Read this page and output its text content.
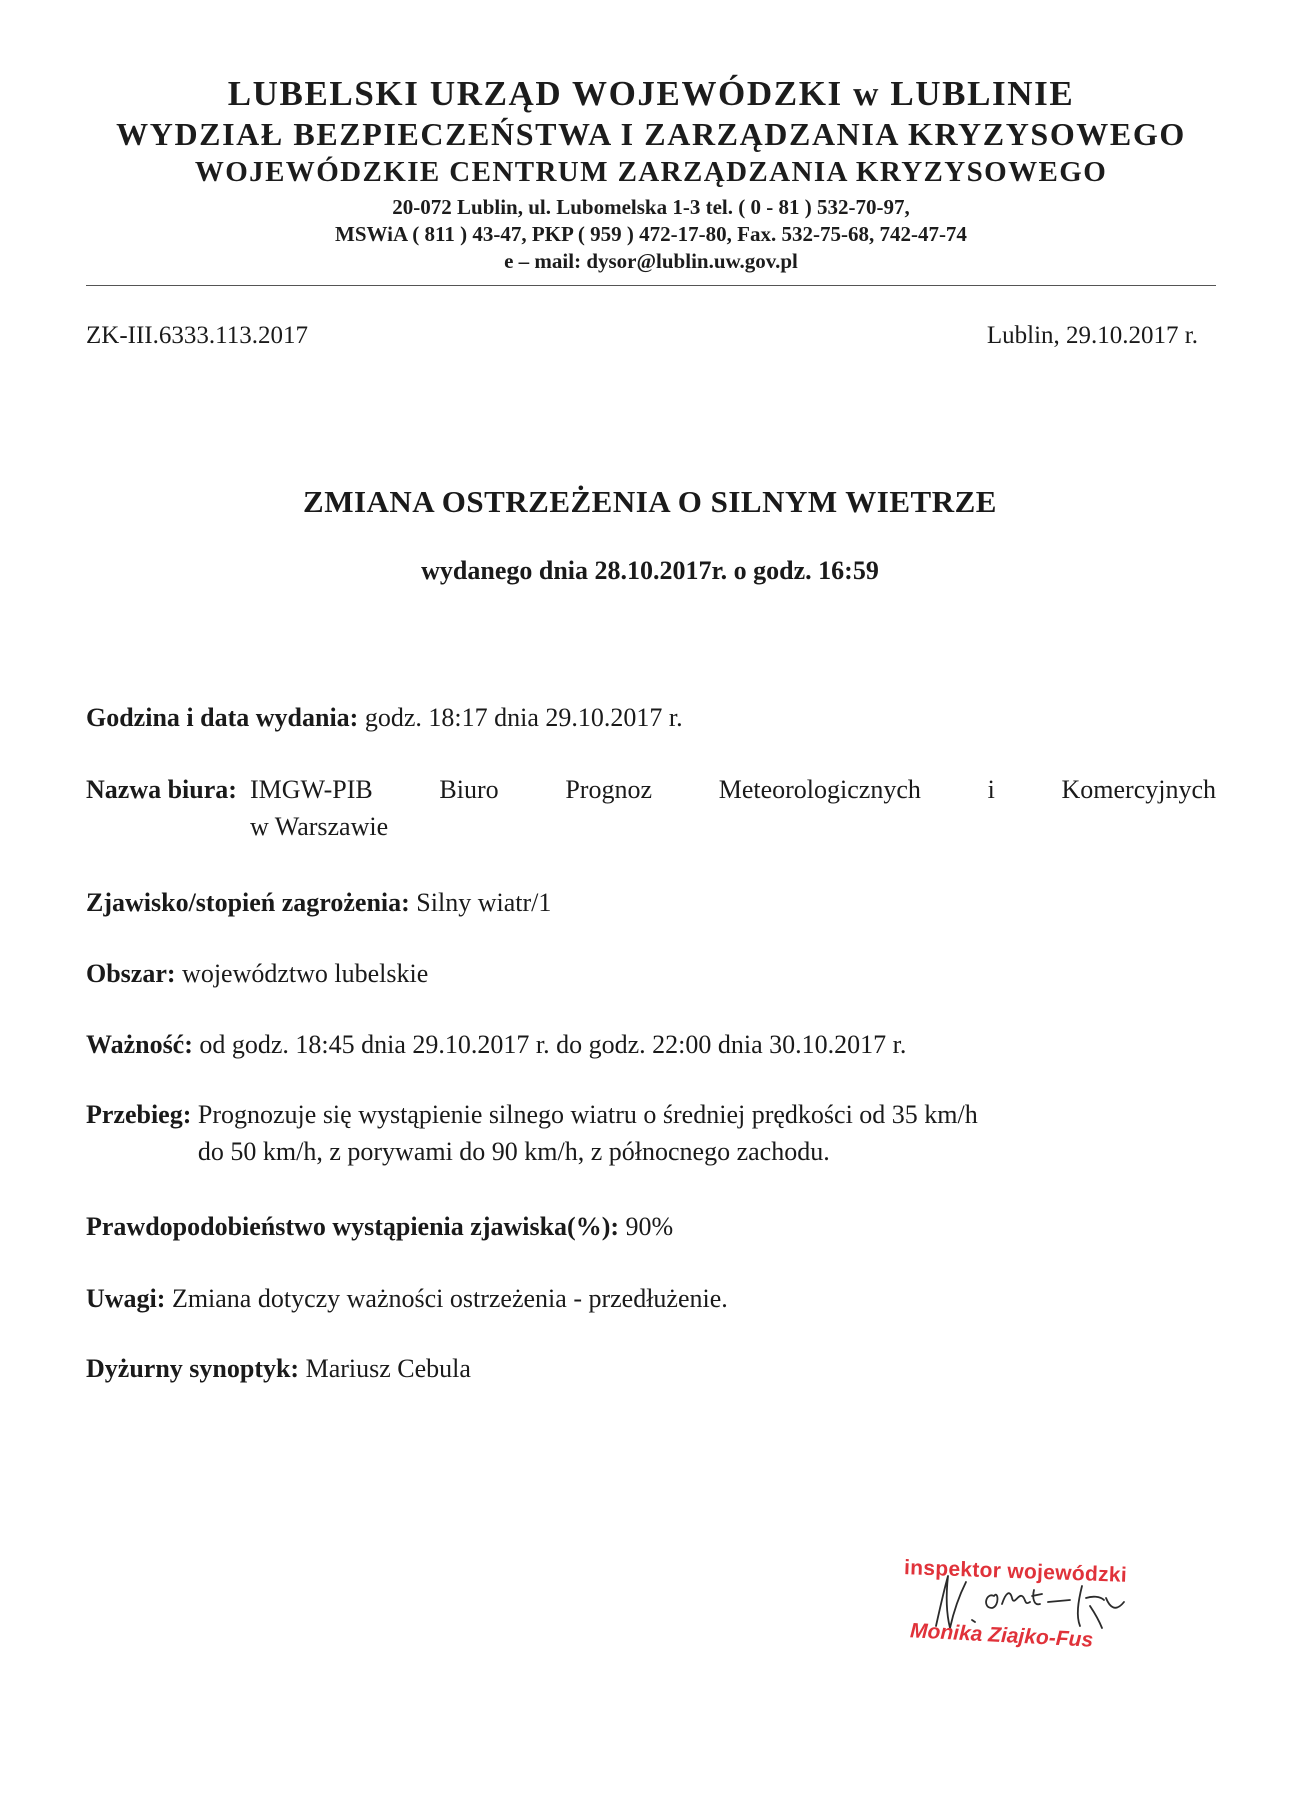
LUBELSKI URZĄD WOJEWÓDZKI w LUBLINIE
WYDZIAŁ BEZPIECZEŃSTWA I ZARZĄDZANIA KRYZYSOWEGO
WOJEWÓDZKIE CENTRUM ZARZĄDZANIA KRYZYSOWEGO
20-072 Lublin, ul. Lubomelska 1-3 tel. ( 0 - 81 ) 532-70-97,
MSWiA ( 811 ) 43-47, PKP ( 959 ) 472-17-80, Fax. 532-75-68, 742-47-74
e – mail: dysor@lublin.uw.gov.pl
ZK-III.6333.113.2017	Lublin, 29.10.2017 r.
ZMIANA OSTRZEŻENIA O SILNYM WIETRZE
wydanego dnia 28.10.2017r. o godz. 16:59
Godzina i data wydania: godz. 18:17 dnia 29.10.2017 r.
Nazwa biura: IMGW-PIB Biuro Prognoz Meteorologicznych i Komercyjnych
w Warszawie
Zjawisko/stopień zagrożenia: Silny wiatr/1
Obszar: województwo lubelskie
Ważność: od godz. 18:45 dnia 29.10.2017 r. do godz. 22:00 dnia 30.10.2017 r.
Przebieg: Prognozuje się wystąpienie silnego wiatru o średniej prędkości od 35 km/h
do 50 km/h, z porywami do 90 km/h, z północnego zachodu.
Prawdopodobieństwo wystąpienia zjawiska(%): 90%
Uwagi: Zmiana dotyczy ważności ostrzeżenia - przedłużenie.
Dyżurny synoptyk: Mariusz Cebula
inspektor wojewódzki
Monika Ziajko-Fus
